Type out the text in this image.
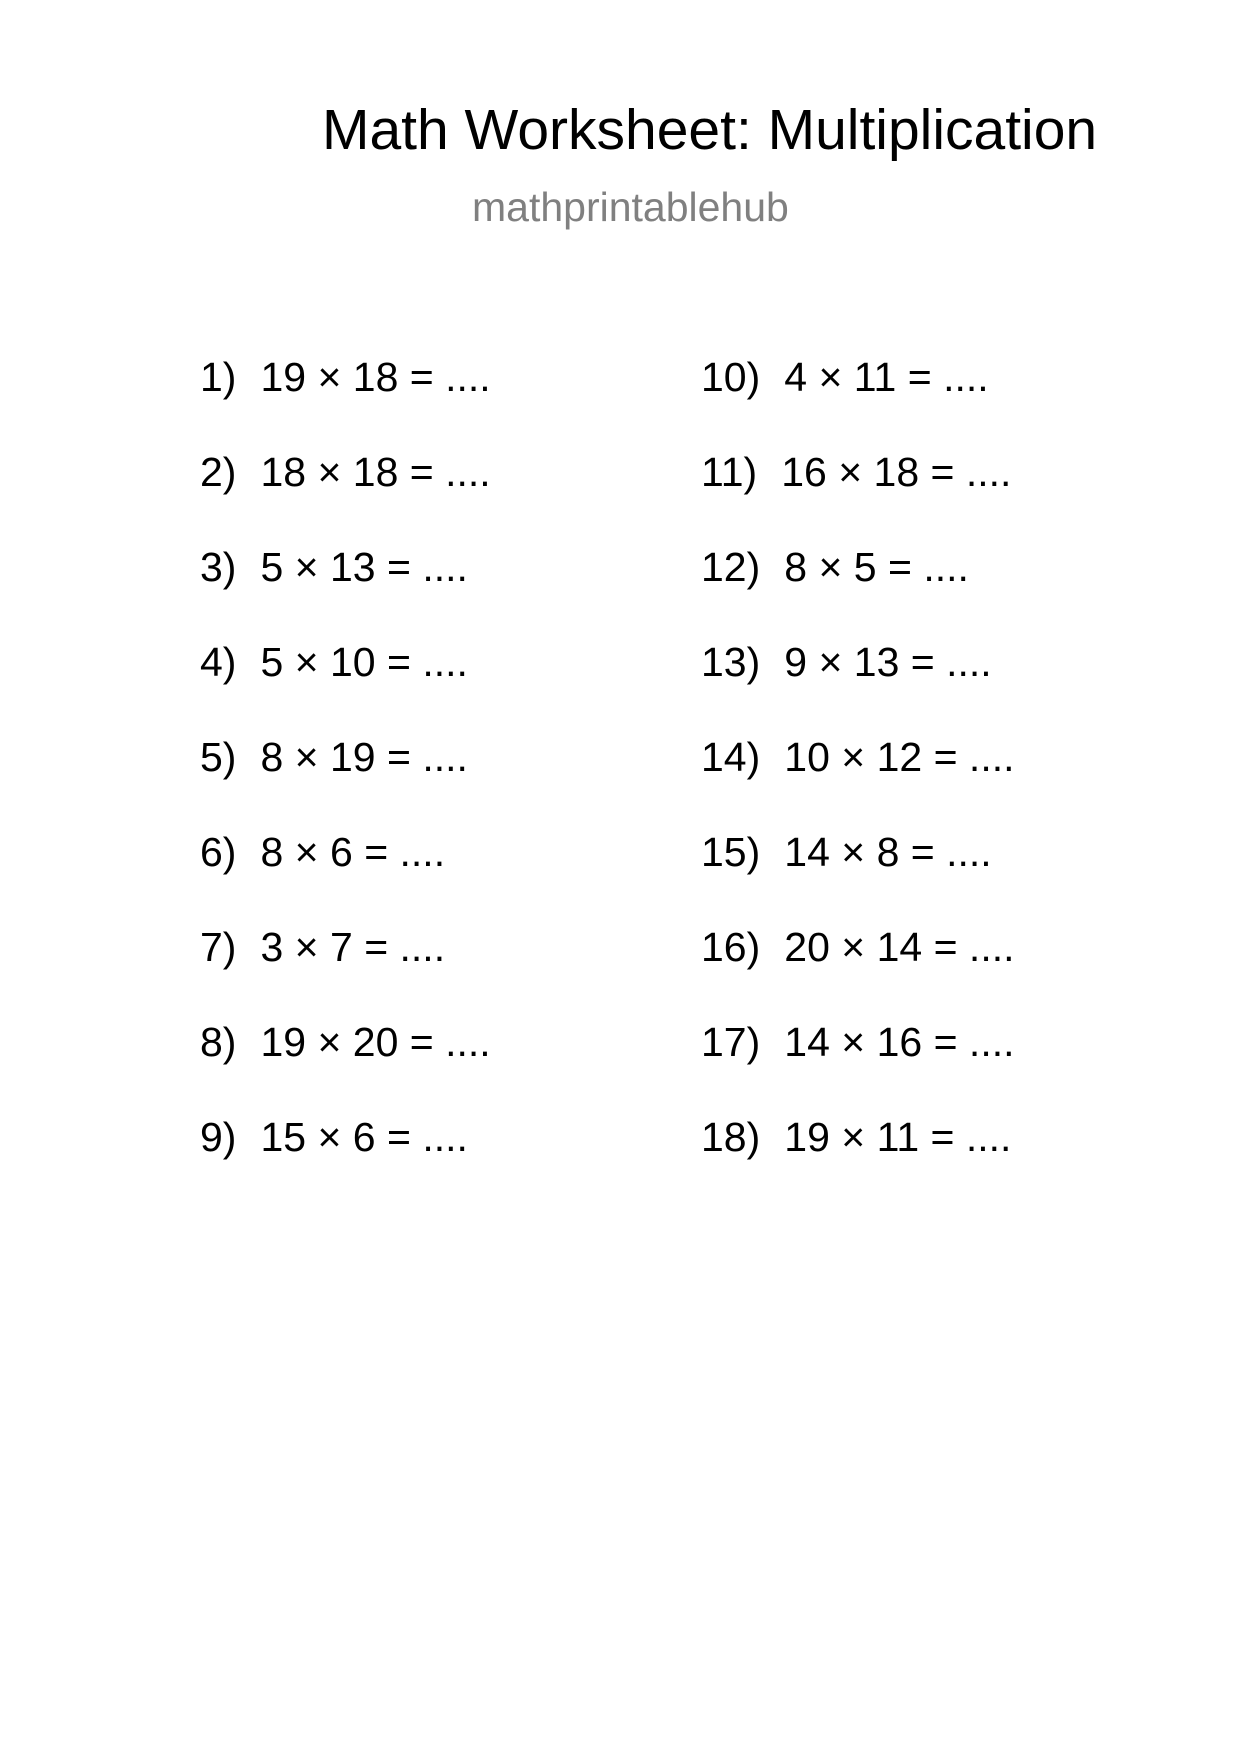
Math Worksheet: Multiplication
mathprintablehub
1) 19 × 18 = ....
2) 18 × 18 = ....
3) 5 × 13 = ....
4) 5 × 10 = ....
5) 8 × 19 = ....
6) 8 × 6 = ....
7) 3 × 7 = ....
8) 19 × 20 = ....
9) 15 × 6 = ....
10) 4 × 11 = ....
11) 16 × 18 = ....
12) 8 × 5 = ....
13) 9 × 13 = ....
14) 10 × 12 = ....
15) 14 × 8 = ....
16) 20 × 14 = ....
17) 14 × 16 = ....
18) 19 × 11 = ....
